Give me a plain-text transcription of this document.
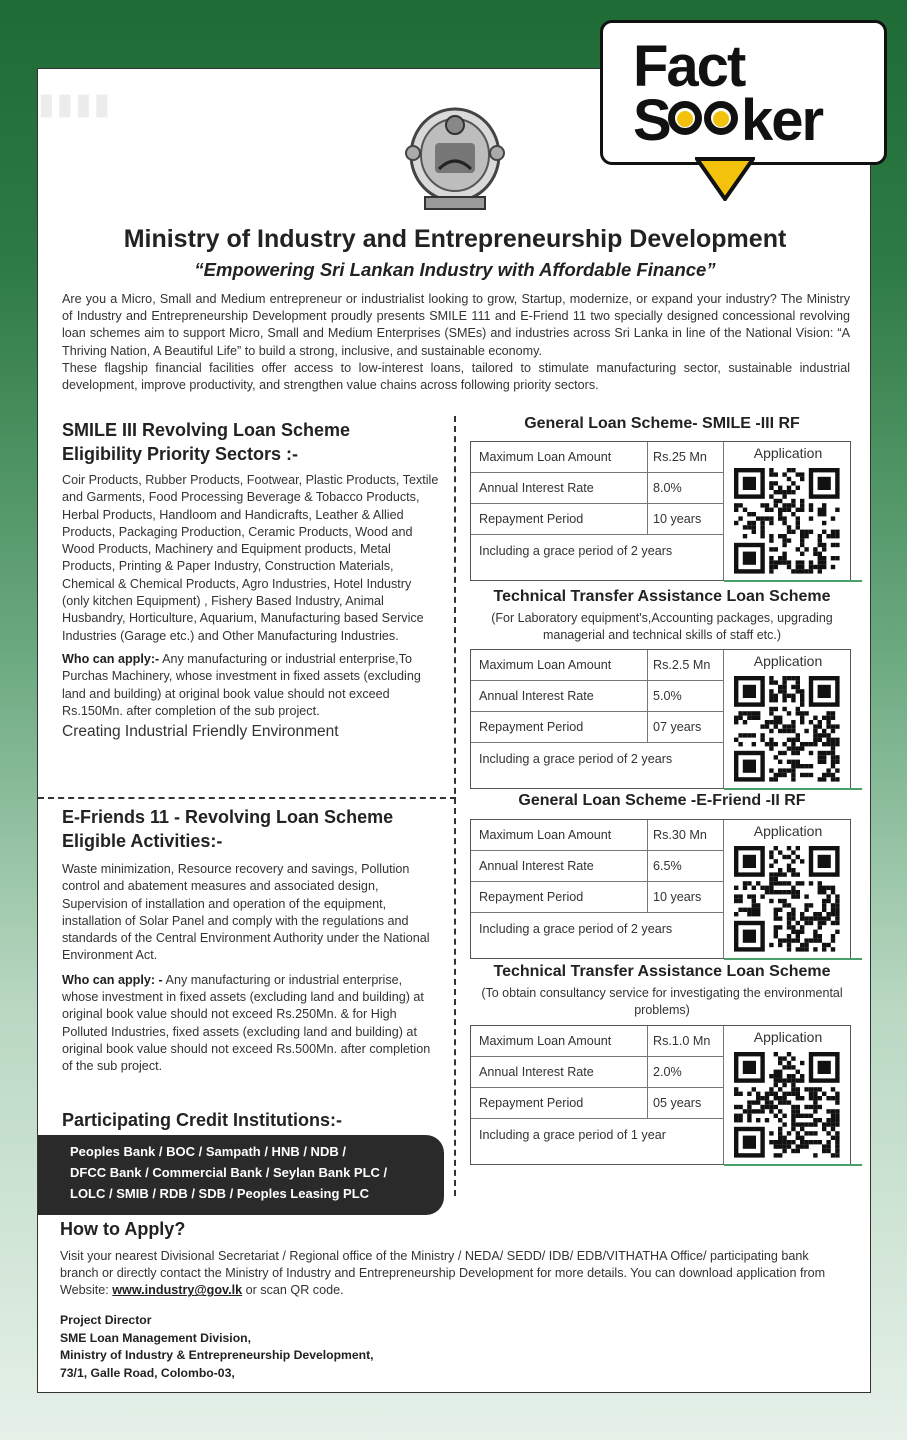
Fact
S ker
▮▮▮▮
Ministry of Industry and Entrepreneurship Development
“Empowering Sri Lankan Industry with Affordable Finance”

Are you a Micro, Small and Medium entrepreneur or industrialist looking to grow, Startup, modernize, or expand your industry? The Ministry of Industry and Entrepreneurship Development proudly presents SMILE 111 and E-Friend 11 two specially designed concessional revolving loan schemes aim to support Micro, Small and Medium Enterprises (SMEs) and industries across Sri Lanka in line of the National Vision: “A Thriving Nation, A Beautiful Life” to build a strong, inclusive, and sustainable economy.

These flagship financial facilities offer access to low-interest loans, tailored to stimulate manufacturing sector, sustainable industrial development, improve productivity, and strengthen value chains across following priority sectors.

SMILE III Revolving Loan Scheme
Eligibility Priority Sectors :-
Coir Products, Rubber Products, Footwear, Plastic Products, Textile and Garments, Food Processing Beverage & Tobacco Products, Herbal Products, Handloom and Handicrafts, Leather & Allied Products, Packaging Production, Ceramic Products, Wood and Wood Products, Machinery and Equipment products, Metal Products, Printing & Paper Industry, Construction Materials, Chemical & Chemical Products, Agro Industries, Hotel Industry (only kitchen Equipment) , Fishery Based Industry, Animal Husbandry, Horticulture, Aquarium, Manufacturing based Service Industries (Garage etc.) and Other Manufacturing Industries.
Who can apply:- Any manufacturing or industrial enterprise,To Purchas Machinery, whose investment in fixed assets (excluding land and building) at original book value should not exceed Rs.150Mn. after completion of the sub project.
Creating Industrial Friendly Environment
E-Friends 11 - Revolving Loan Scheme
Eligible Activities:-
Waste minimization, Resource recovery and savings, Pollution control and abatement measures and associated design, Supervision of installation and operation of the equipment, installation of Solar Panel and comply with the regulations and standards of the Central Environment Authority under the National Environment Act.
Who can apply: - Any manufacturing or industrial enterprise, whose investment in fixed assets (excluding land and building) at original book value should not exceed Rs.250Mn. & for High Polluted Industries, fixed assets (excluding land and building) at original book value should not exceed Rs.500Mn. after completion of the sub project.
Participating Credit Institutions:-
Peoples Bank / BOC / Sampath / HNB / NDB /
DFCC Bank / Commercial Bank / Seylan Bank PLC /
LOLC / SMIB / RDB / SDB / Peoples Leasing PLC
General Loan Scheme- SMILE -III RF
Maximum Loan Amount	Rs.25 Mn
Annual Interest Rate	8.0%
Repayment Period	10 years
Including a grace period of 2 years
Application
Technical Transfer Assistance Loan Scheme
(For Laboratory equipment's,Accounting packages, upgrading managerial and technical skills of staff etc.)
Maximum Loan Amount	Rs.2.5 Mn
Annual Interest Rate	5.0%
Repayment Period	07 years
Including a grace period of 2 years
Application
General Loan Scheme -E-Friend -II RF
Maximum Loan Amount	Rs.30 Mn
Annual Interest Rate	6.5%
Repayment Period	10 years
Including a grace period of 2 years
Application
Technical Transfer Assistance Loan Scheme
(To obtain consultancy service for investigating the environmental problems)
Maximum Loan Amount	Rs.1.0 Mn
Annual Interest Rate	2.0%
Repayment Period	05 years
Including a grace period of 1 year
Application
How to Apply?
Visit your nearest Divisional Secretariat / Regional office of the Ministry / NEDA/ SEDD/ IDB/ EDB/VITHATHA Office/ participating bank branch or directly contact the Ministry of Industry and Entrepreneurship Development for more details. You can download application from Website: www.industry@gov.lk or scan QR code.
Project Director
SME Loan Management Division,
Ministry of Industry & Entrepreneurship Development,
73/1, Galle Road, Colombo-03,
